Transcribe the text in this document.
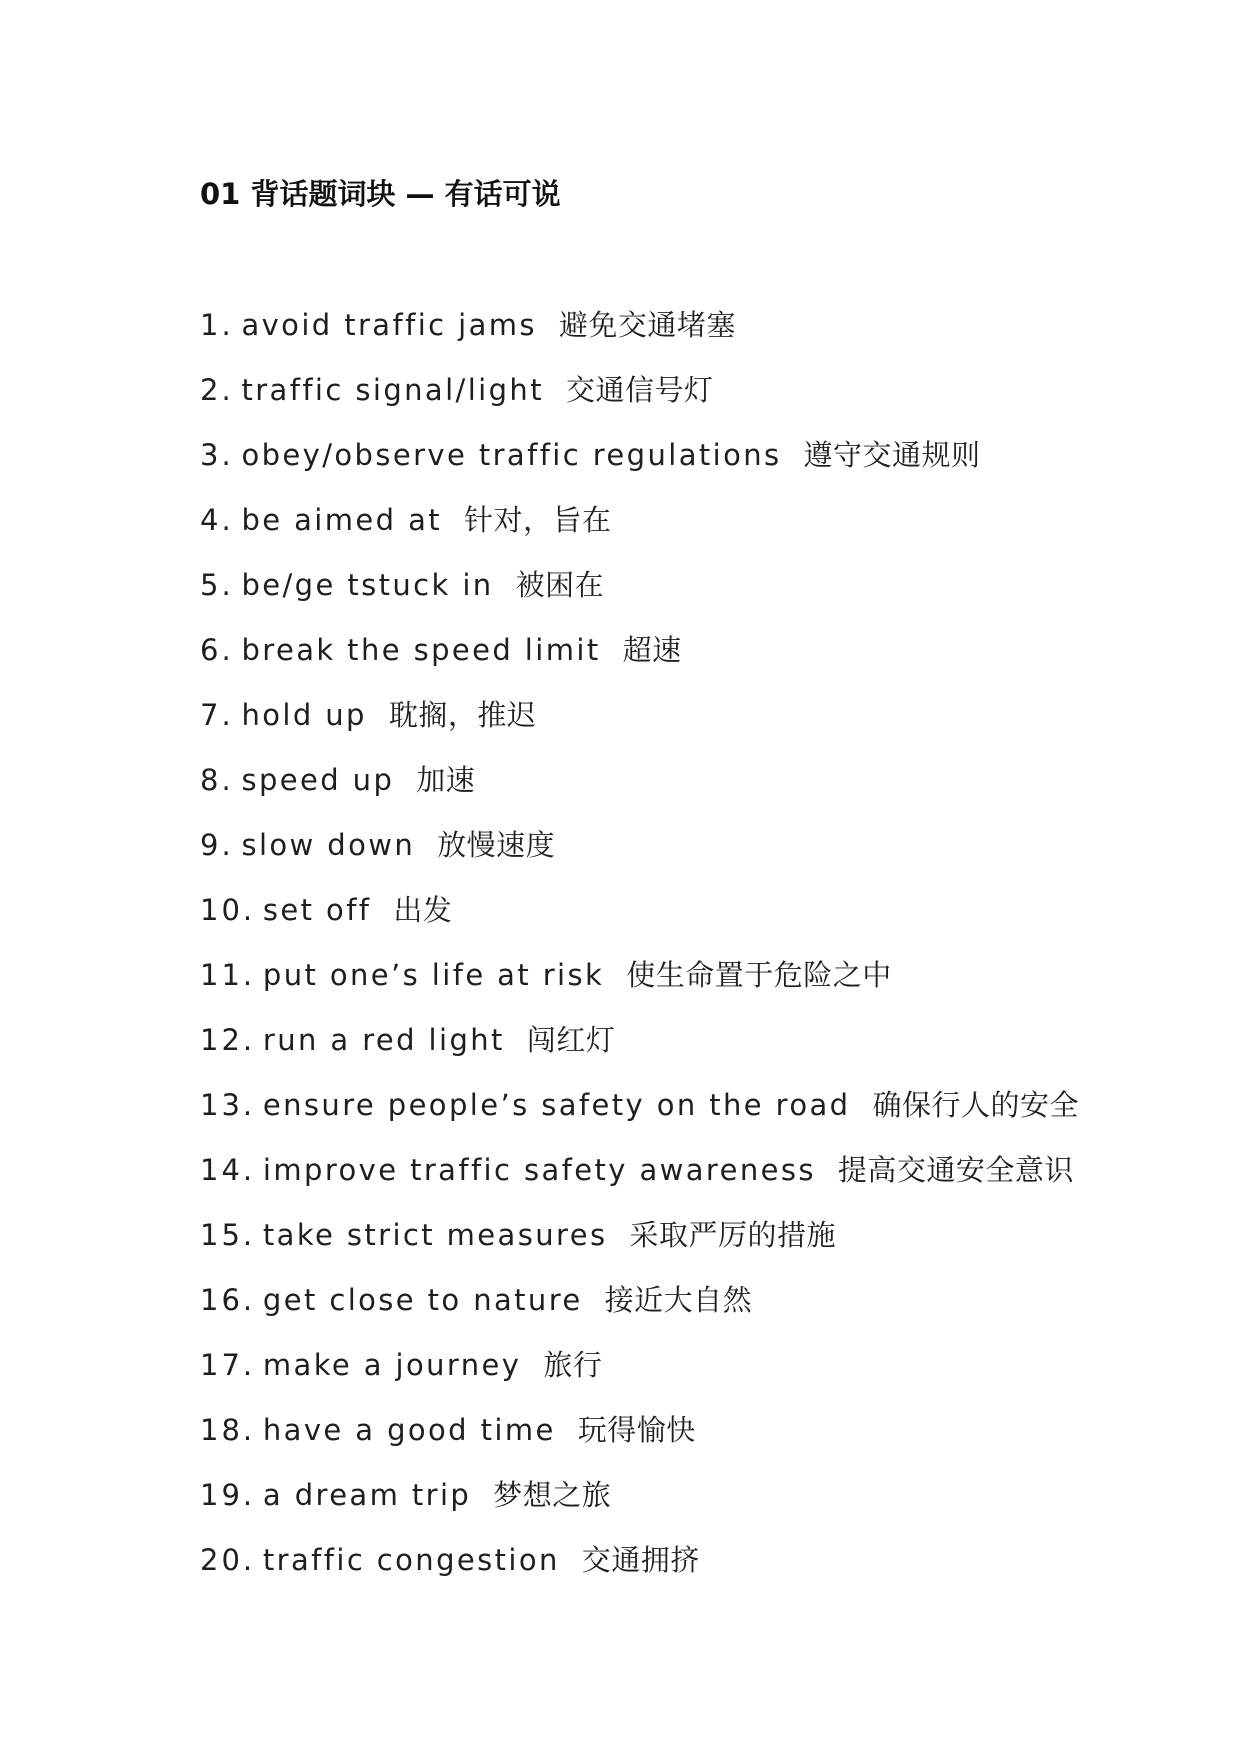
01 背话题词块 — 有话可说
1. avoid traffic jams 避免交通堵塞
2. traffic signal/light 交通信号灯
3. obey/observe traffic regulations 遵守交通规则
4. be aimed at 针对，旨在
5. be/ge tstuck in 被困在
6. break the speed limit 超速
7. hold up 耽搁，推迟
8. speed up 加速
9. slow down 放慢速度
10. set off 出发
11. put one’s life at risk 使生命置于危险之中
12. run a red light 闯红灯
13. ensure people’s safety on the road 确保行人的安全
14. improve traffic safety awareness 提高交通安全意识
15. take strict measures 采取严厉的措施
16. get close to nature 接近大自然
17. make a journey 旅行
18. have a good time 玩得愉快
19. a dream trip 梦想之旅
20. traffic congestion 交通拥挤
